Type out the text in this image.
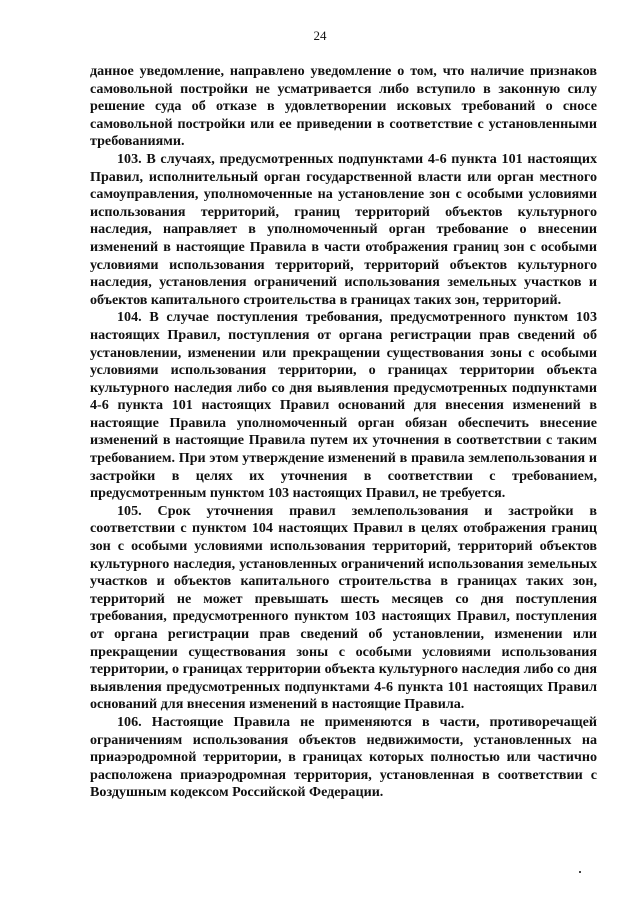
24

данное уведомление, направлено уведомление о том, что наличие признаков самовольной постройки не усматривается либо вступило в законную силу решение суда об отказе в удовлетворении исковых требований о сносе самовольной постройки или ее приведении в соответствие с установленными требованиями.

103. В случаях, предусмотренных подпунктами 4-6 пункта 101 настоящих Правил, исполнительный орган государственной власти или орган местного самоуправления, уполномоченные на установление зон с особыми условиями использования территорий, границ территорий объектов культурного наследия, направляет в уполномоченный орган требование о внесении изменений в настоящие Правила в части отображения границ зон с особыми условиями использования территорий, территорий объектов культурного наследия, установления ограничений использования земельных участков и объектов капитального строительства в границах таких зон, территорий.

104. В случае поступления требования, предусмотренного пунктом 103 настоящих Правил, поступления от органа регистрации прав сведений об установлении, изменении или прекращении существования зоны с особыми условиями использования территории, о границах территории объекта культурного наследия либо со дня выявления предусмотренных подпунктами 4-6 пункта 101 настоящих Правил оснований для внесения изменений в настоящие Правила уполномоченный орган обязан обеспечить внесение изменений в настоящие Правила путем их уточнения в соответствии с таким требованием. При этом утверждение изменений в правила землепользования и застройки в целях их уточнения в соответствии с требованием, предусмотренным пунктом 103 настоящих Правил, не требуется.

105. Срок уточнения правил землепользования и застройки в соответствии с пунктом 104 настоящих Правил в целях отображения границ зон с особыми условиями использования территорий, территорий объектов культурного наследия, установленных ограничений использования земельных участков и объектов капитального строительства в границах таких зон, территорий не может превышать шесть месяцев со дня поступления требования, предусмотренного пунктом 103 настоящих Правил, поступления от органа регистрации прав сведений об установлении, изменении или прекращении существования зоны с особыми условиями использования территории, о границах территории объекта культурного наследия либо со дня выявления предусмотренных подпунктами 4-6 пункта 101 настоящих Правил оснований для внесения изменений в настоящие Правила.

106. Настоящие Правила не применяются в части, противоречащей ограничениям использования объектов недвижимости, установленных на приаэродромной территории, в границах которых полностью или частично расположена приаэродромная территория, установленная в соответствии с Воздушным кодексом Российской Федерации.
